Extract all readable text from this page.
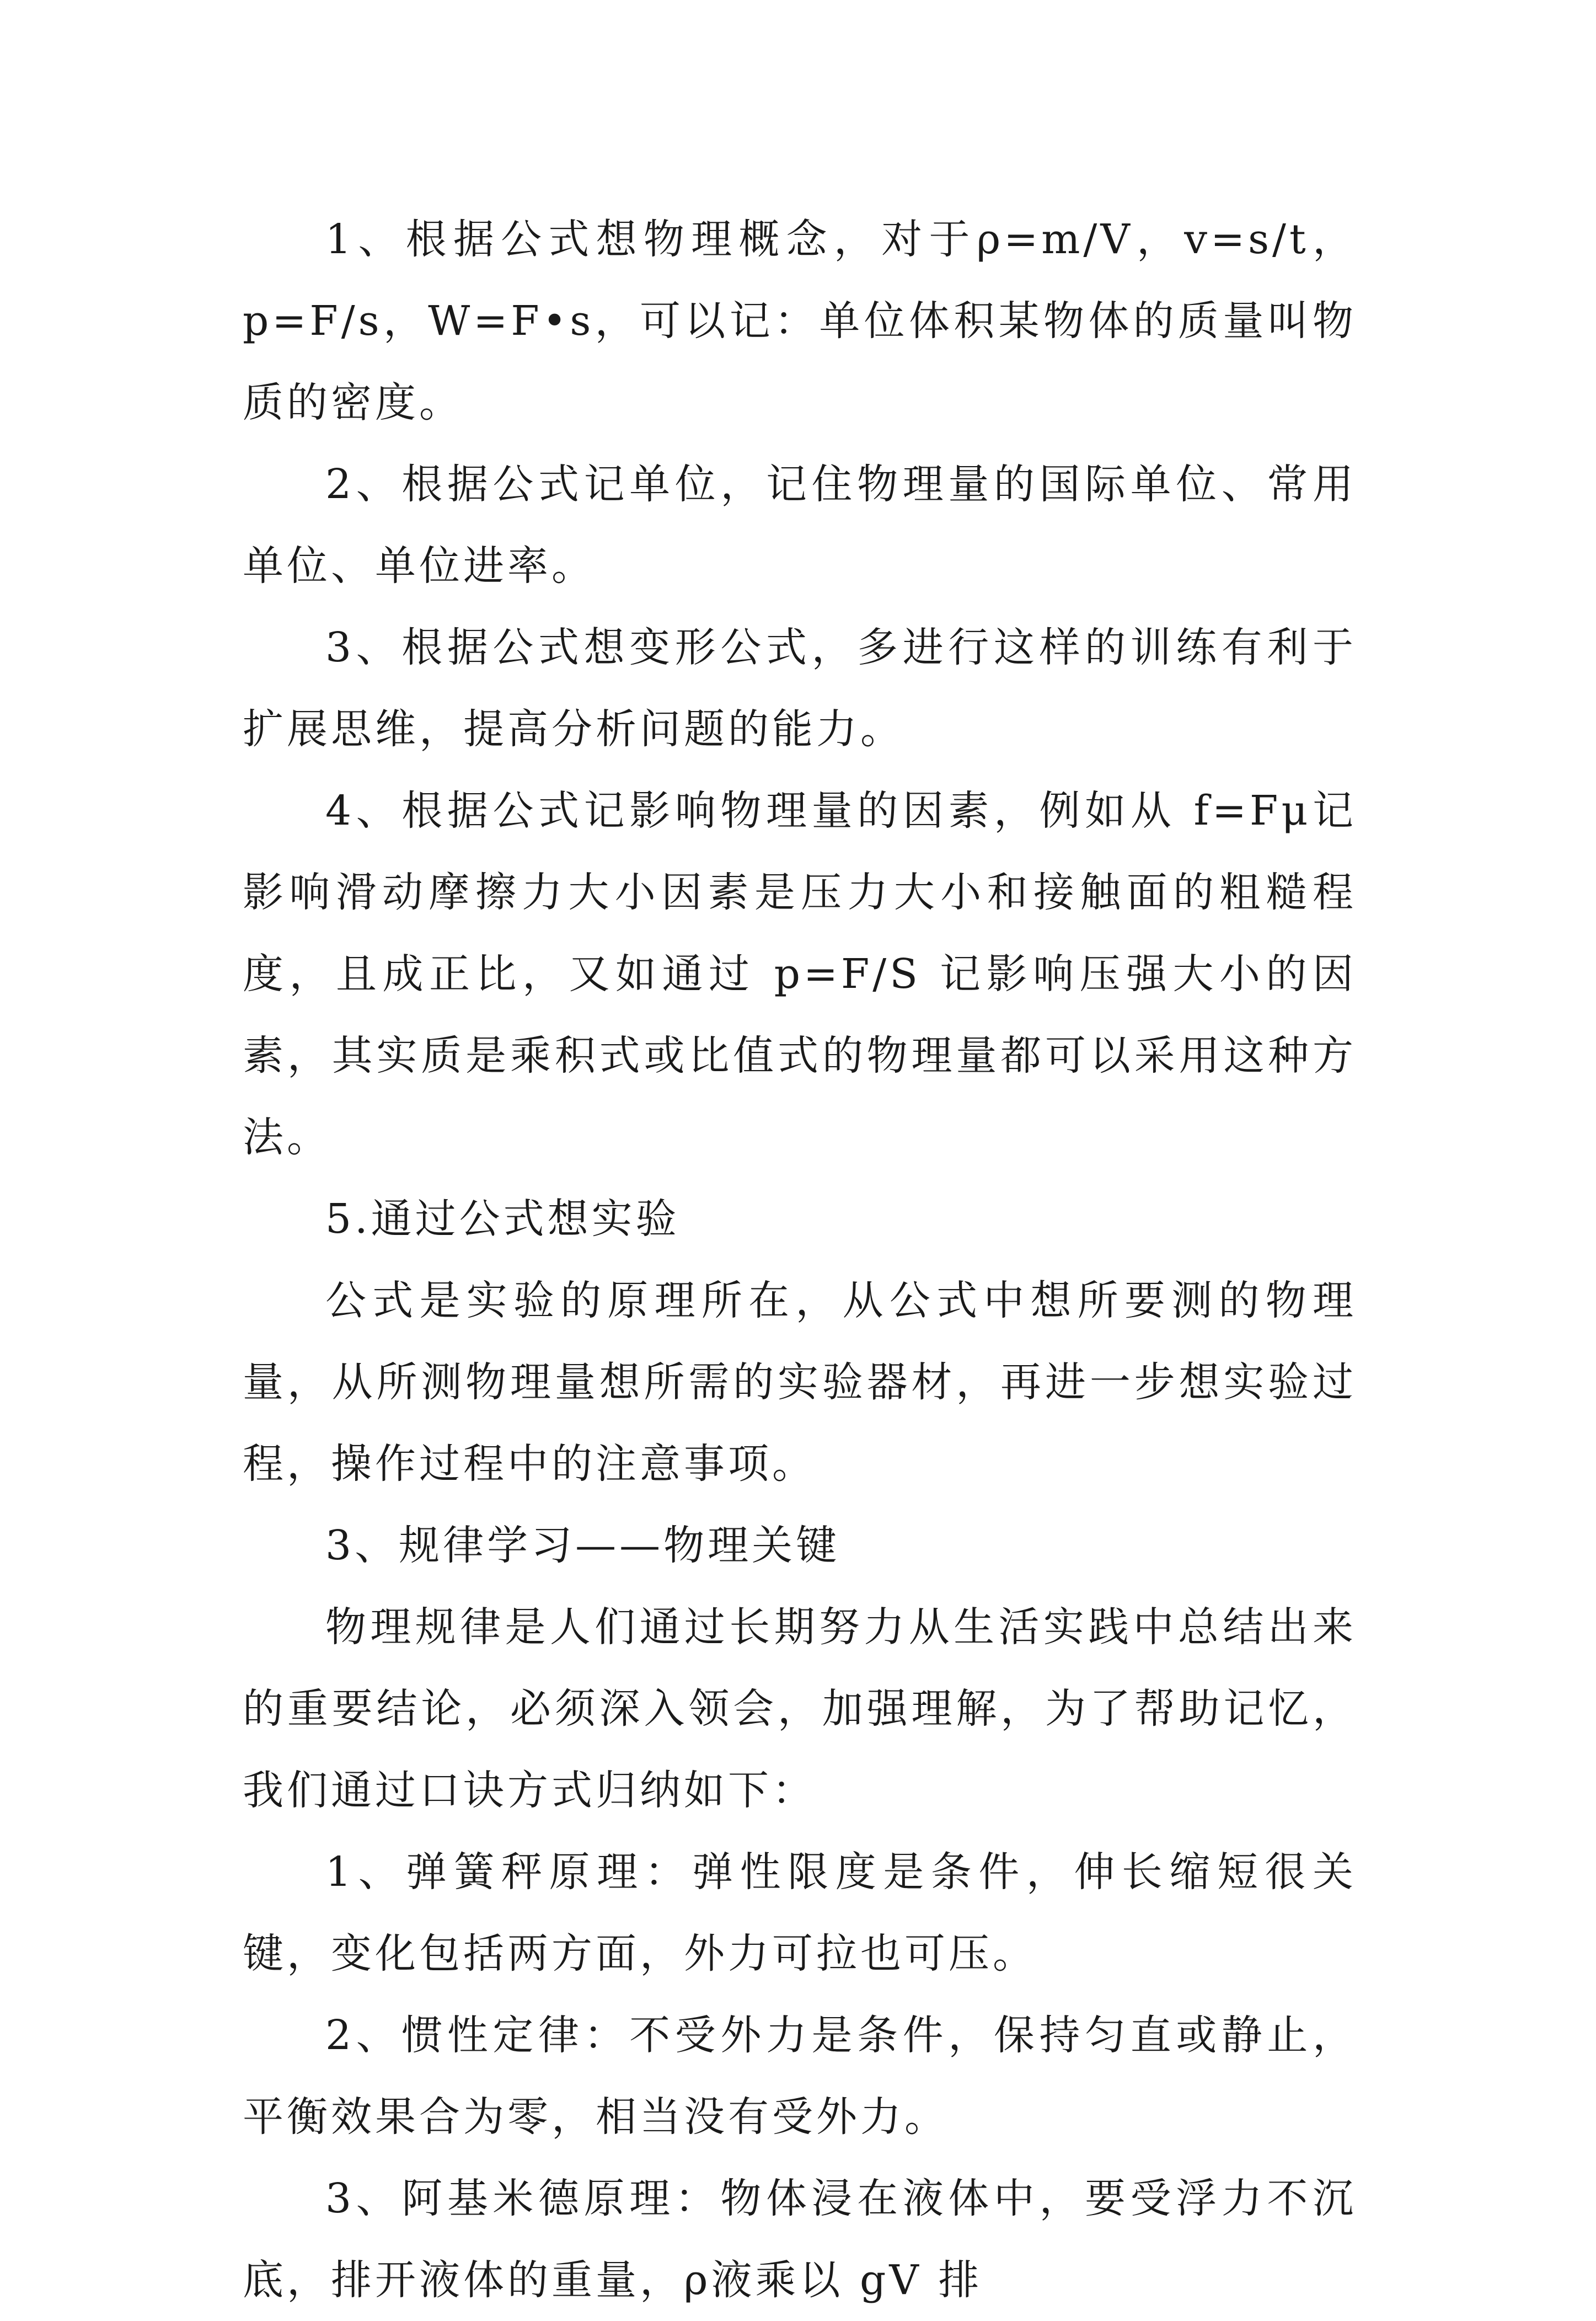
1、根据公式想物理概念，对于ρ=m/V，v=s/t，p=F/s，W=F•s，可以记：单位体积某物体的质量叫物质的密度。

2、根据公式记单位，记住物理量的国际单位、常用单位、单位进率。

3、根据公式想变形公式，多进行这样的训练有利于扩展思维，提高分析问题的能力。

4、根据公式记影响物理量的因素，例如从 f=Fμ记影响滑动摩擦力大小因素是压力大小和接触面的粗糙程度，且成正比，又如通过 p=F/S 记影响压强大小的因素，其实质是乘积式或比值式的物理量都可以采用这种方法。

5.通过公式想实验

公式是实验的原理所在，从公式中想所要测的物理量，从所测物理量想所需的实验器材，再进一步想实验过程，操作过程中的注意事项。

3、规律学习——物理关键

物理规律是人们通过长期努力从生活实践中总结出来的重要结论，必须深入领会，加强理解，为了帮助记忆，我们通过口诀方式归纳如下：

1、弹簧秤原理：弹性限度是条件，伸长缩短很关键，变化包括两方面，外力可拉也可压。

2、惯性定律：不受外力是条件，保持匀直或静止，平衡效果合为零，相当没有受外力。

3、阿基米德原理：物体浸在液体中，要受浮力不沉底，排开液体的重量，ρ液乘以 gV 排
